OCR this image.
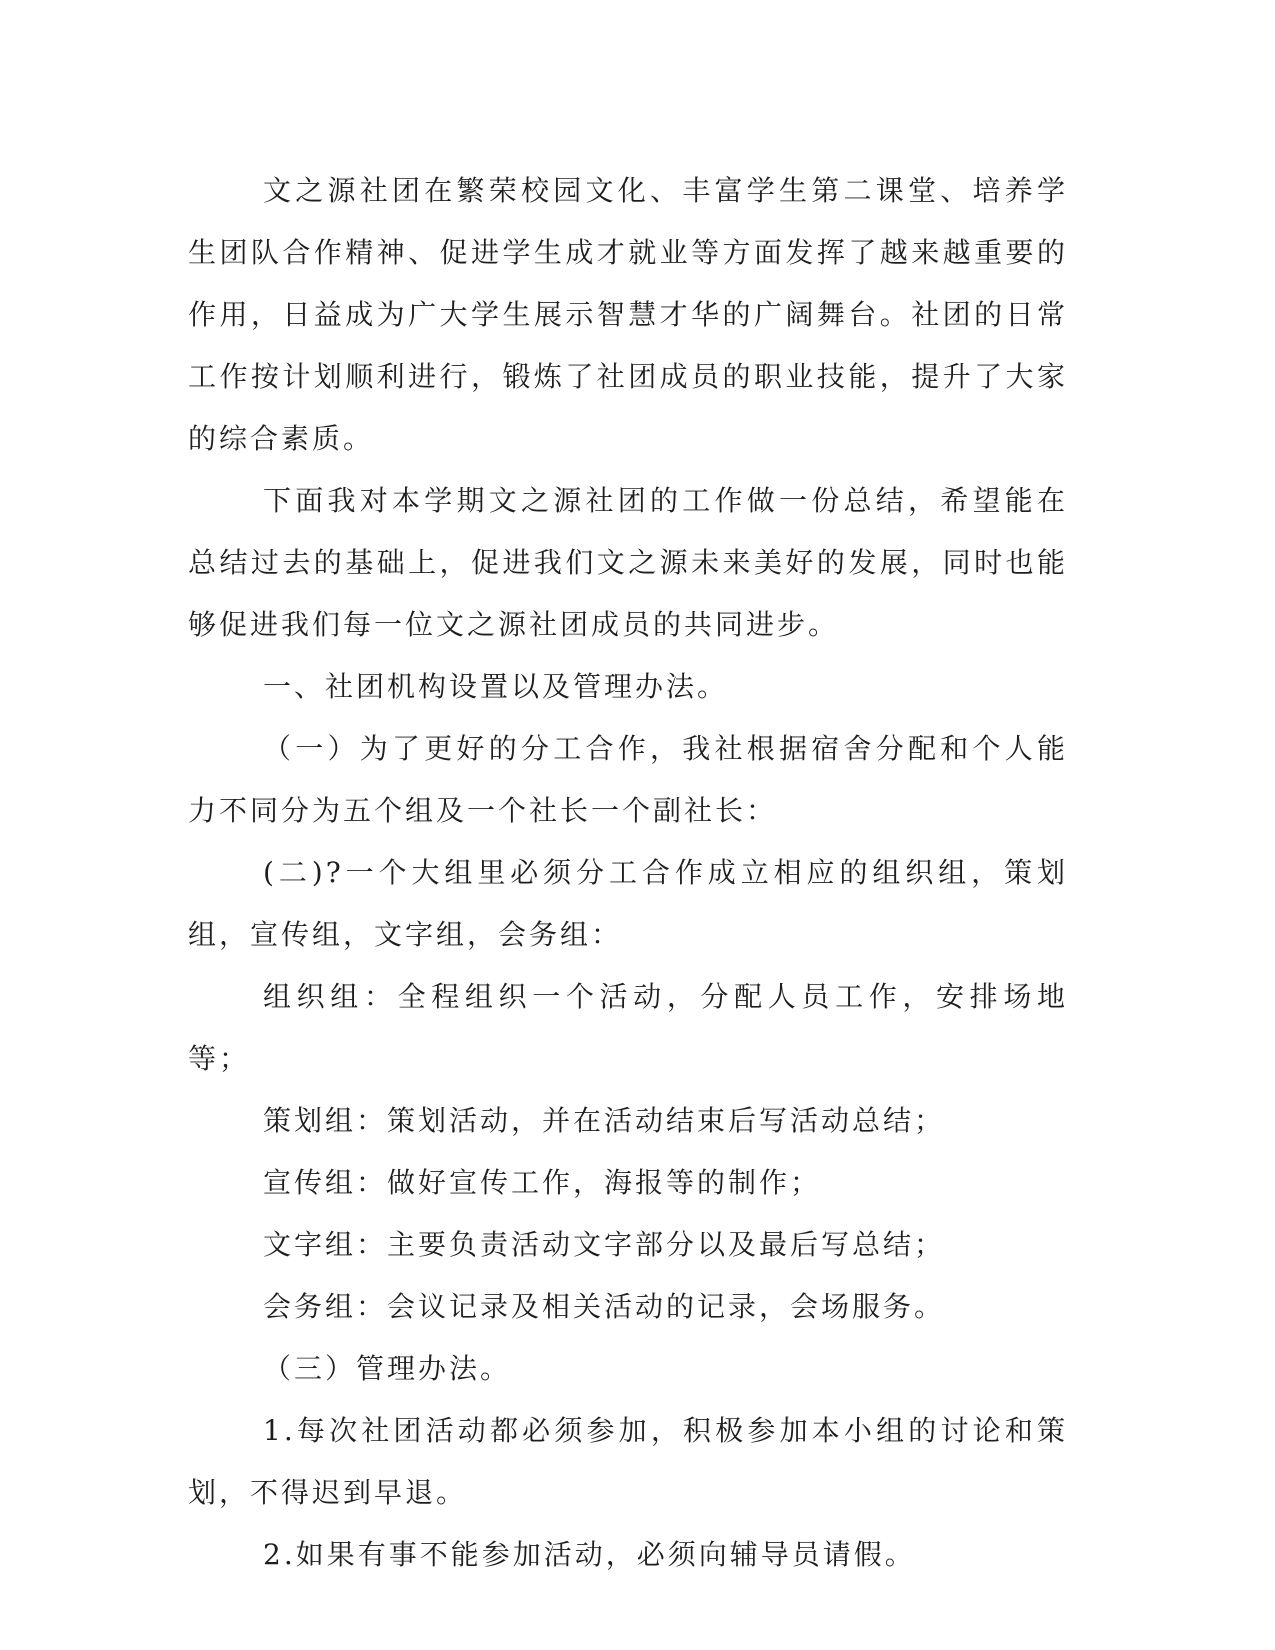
文之源社团在繁荣校园文化、丰富学生第二课堂、培养学生团队合作精神、促进学生成才就业等方面发挥了越来越重要的作用，日益成为广大学生展示智慧才华的广阔舞台。社团的日常工作按计划顺利进行，锻炼了社团成员的职业技能，提升了大家的综合素质。

下面我对本学期文之源社团的工作做一份总结，希望能在总结过去的基础上，促进我们文之源未来美好的发展，同时也能够促进我们每一位文之源社团成员的共同进步。

一、社团机构设置以及管理办法。

（一）为了更好的分工合作，我社根据宿舍分配和个人能力不同分为五个组及一个社长一个副社长：

(二)?一个大组里必须分工合作成立相应的组织组，策划组，宣传组，文字组，会务组：

组织组：全程组织一个活动，分配人员工作，安排场地等；

策划组：策划活动，并在活动结束后写活动总结；

宣传组：做好宣传工作，海报等的制作；

文字组：主要负责活动文字部分以及最后写总结；

会务组：会议记录及相关活动的记录，会场服务。

（三）管理办法。

1.每次社团活动都必须参加，积极参加本小组的讨论和策划，不得迟到早退。

2.如果有事不能参加活动，必须向辅导员请假。
